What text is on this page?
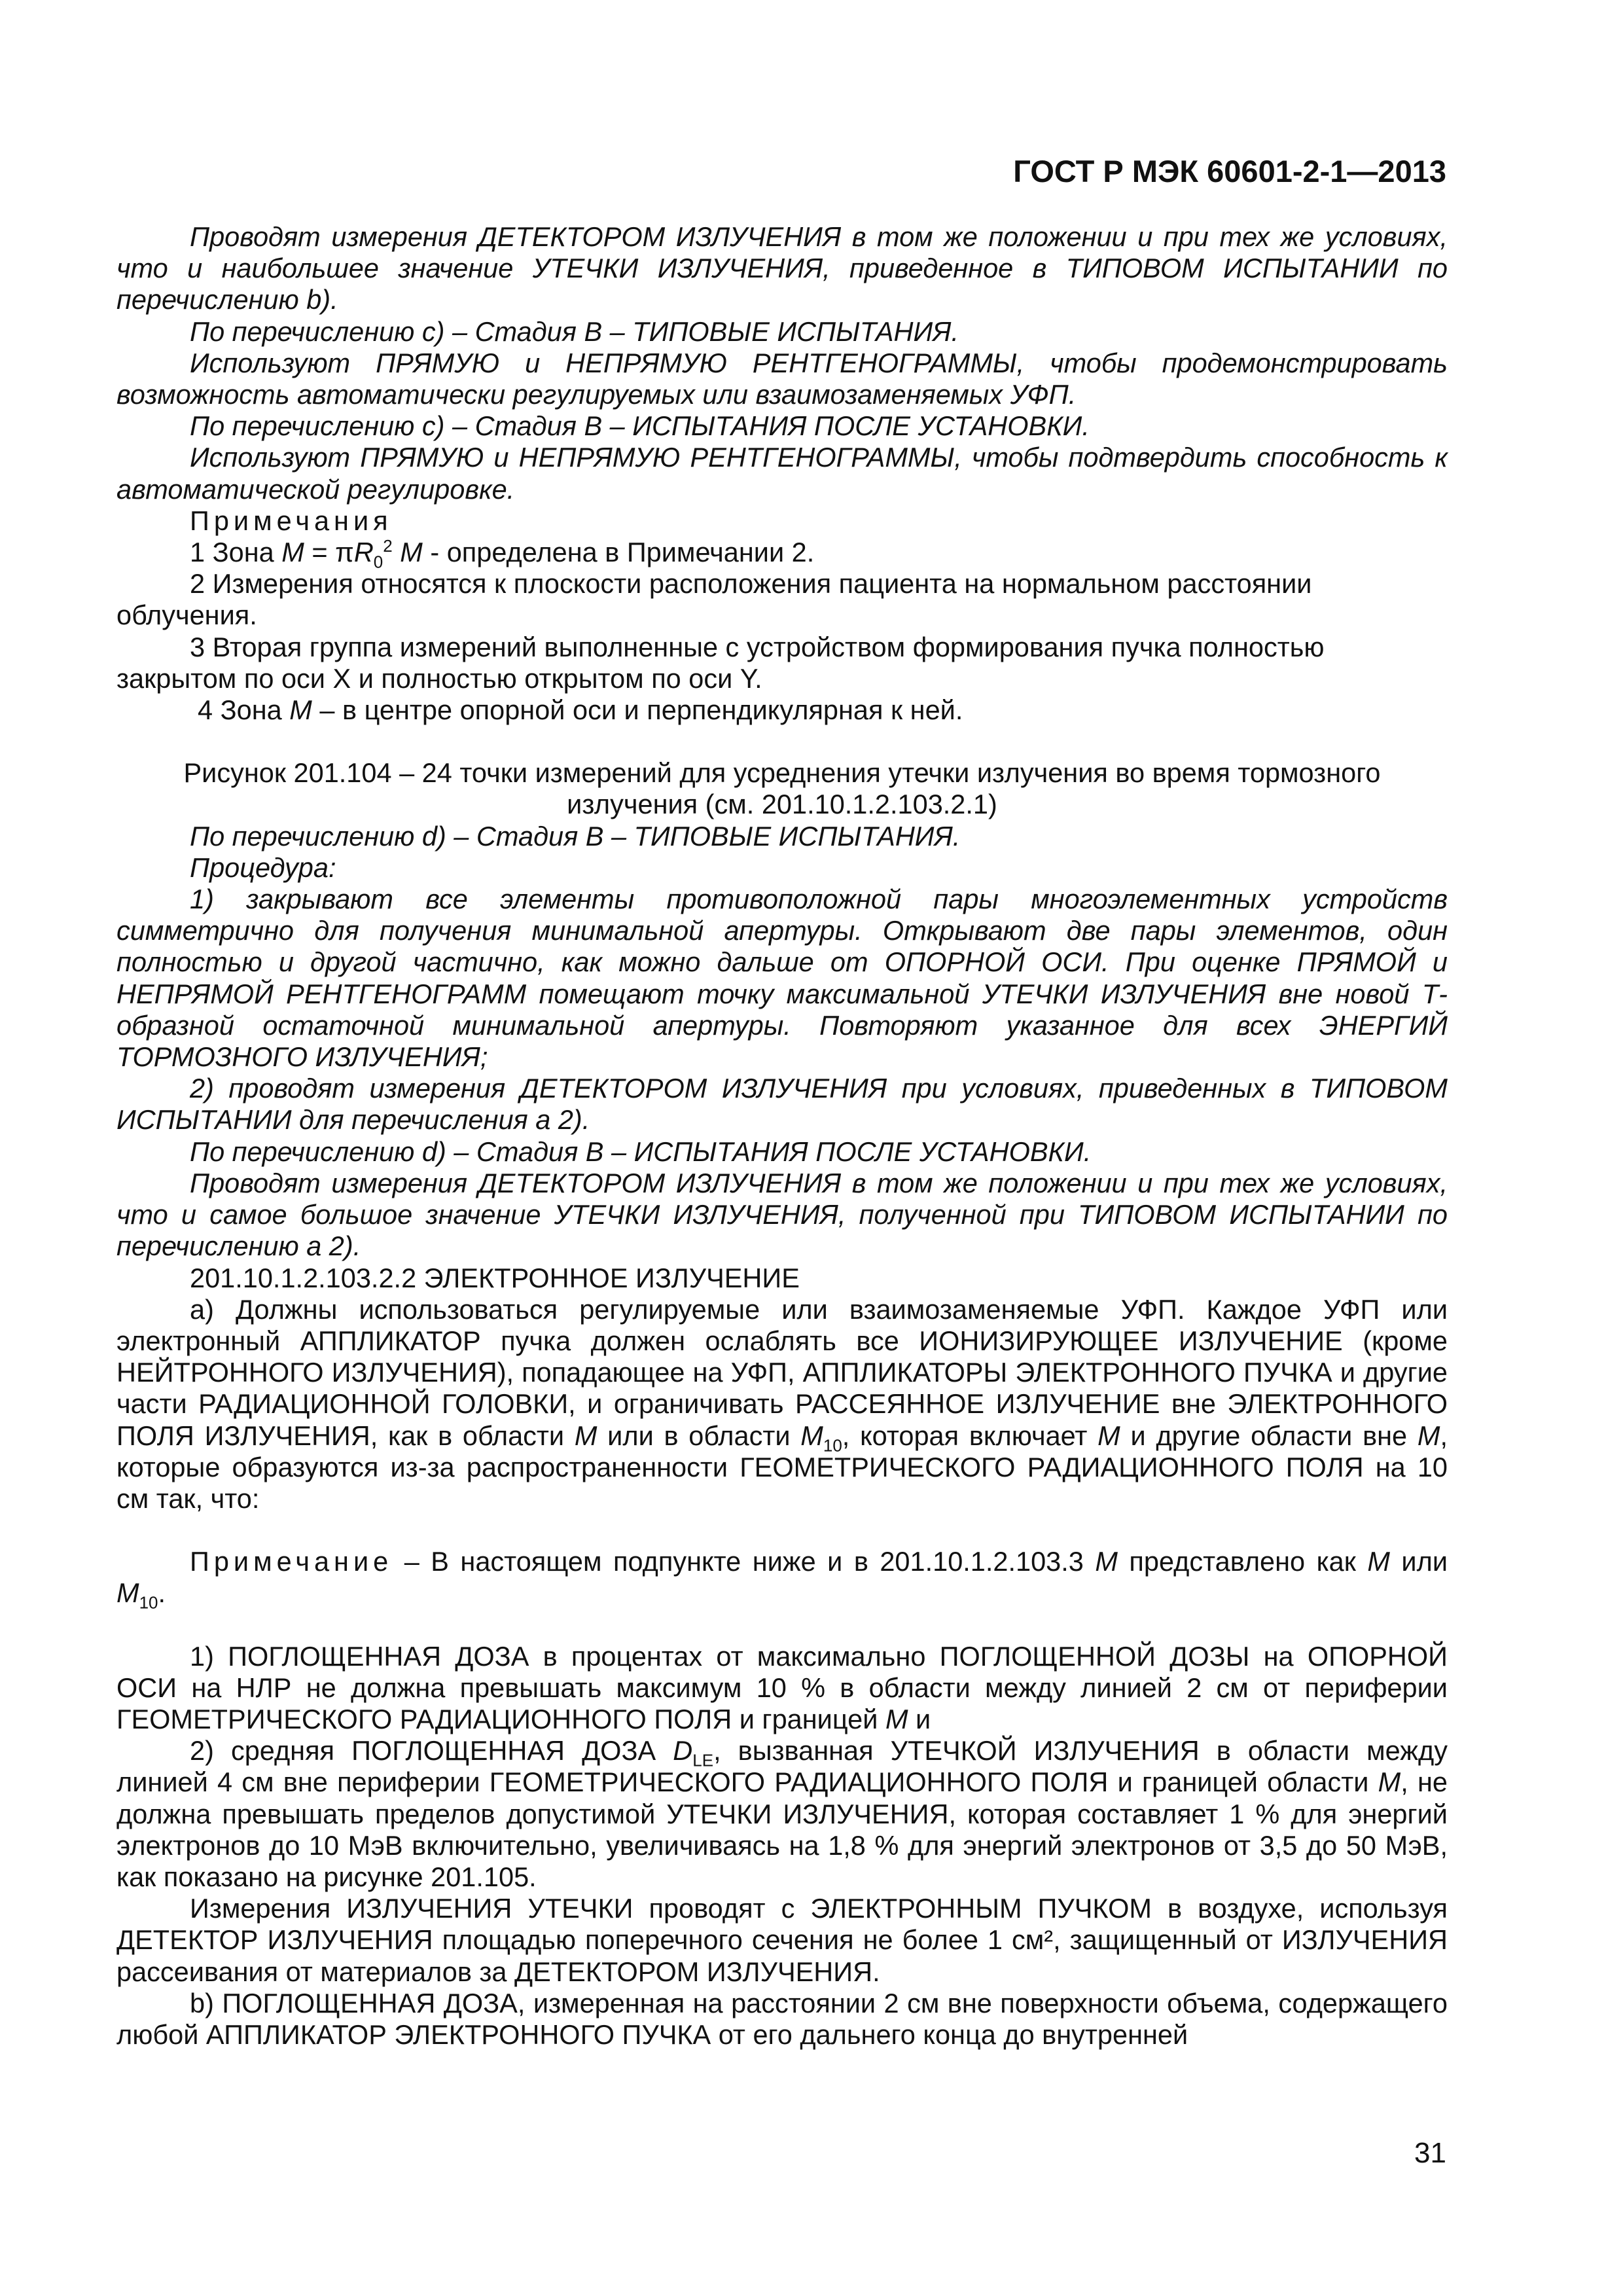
ГОСТ Р МЭК 60601-2-1—2013

Проводят измерения ДЕТЕКТОРОМ ИЗЛУЧЕНИЯ в том же положении и при тех же условиях, что и наибольшее значение УТЕЧКИ ИЗЛУЧЕНИЯ, приведенное в ТИПОВОМ ИСПЫТАНИИ по перечислению b).

По перечислению с) – Стадия В – ТИПОВЫЕ ИСПЫТАНИЯ.

Используют ПРЯМУЮ и НЕПРЯМУЮ РЕНТГЕНОГРАММЫ, чтобы продемонстрировать возможность автоматически регулируемых или взаимозаменяемых УФП.

По перечислению с) – Стадия В – ИСПЫТАНИЯ ПОСЛЕ УСТАНОВКИ.

Используют ПРЯМУЮ и НЕПРЯМУЮ РЕНТГЕНОГРАММЫ, чтобы подтвердить способность к автоматической регулировке.

Примечания

1 Зона $М = \pi R_0^2$ М - определена в Примечании 2.

2 Измерения относятся к плоскости расположения пациента на нормальном расстоянии облучения.

3 Вторая группа измерений выполненные с устройством формирования пучка полностью закрытом по оси X и полностью открытом по оси Y.

4 Зона М – в центре опорной оси и перпендикулярная к ней.

Рисунок 201.104 – 24 точки измерений для усреднения утечки излучения во время тормозного излучения (см. 201.10.1.2.103.2.1)

По перечислению d) – Стадия В – ТИПОВЫЕ ИСПЫТАНИЯ.

Процедура:

1) закрывают все элементы противоположной пары многоэлементных устройств симметрично для получения минимальной апертуры. Открывают две пары элементов, один полностью и другой частично, как можно дальше от ОПОРНОЙ ОСИ. При оценке ПРЯМОЙ и НЕПРЯМОЙ РЕНТГЕНОГРАММ помещают точку максимальной УТЕЧКИ ИЗЛУЧЕНИЯ вне новой Т-образной остаточной минимальной апертуры. Повторяют указанное для всех ЭНЕРГИЙ ТОРМОЗНОГО ИЗЛУЧЕНИЯ;

2) проводят измерения ДЕТЕКТОРОМ ИЗЛУЧЕНИЯ при условиях, приведенных в ТИПОВОМ ИСПЫТАНИИ для перечисления а 2).

По перечислению d) – Стадия В – ИСПЫТАНИЯ ПОСЛЕ УСТАНОВКИ.

Проводят измерения ДЕТЕКТОРОМ ИЗЛУЧЕНИЯ в том же положении и при тех же условиях, что и самое большое значение УТЕЧКИ ИЗЛУЧЕНИЯ, полученной при ТИПОВОМ ИСПЫТАНИИ по перечислению а 2).

201.10.1.2.103.2.2 ЭЛЕКТРОННОЕ ИЗЛУЧЕНИЕ

а) Должны использоваться регулируемые или взаимозаменяемые УФП. Каждое УФП или электронный АППЛИКАТОР пучка должен ослаблять все ИОНИЗИРУЮЩЕЕ ИЗЛУЧЕНИЕ (кроме НЕЙТРОННОГО ИЗЛУЧЕНИЯ), попадающее на УФП, АППЛИКАТОРЫ ЭЛЕКТРОННОГО ПУЧКА и другие части РАДИАЦИОННОЙ ГОЛОВКИ, и ограничивать РАССЕЯННОЕ ИЗЛУЧЕНИЕ вне ЭЛЕКТРОННОГО ПОЛЯ ИЗЛУЧЕНИЯ, как в области М или в области $М_{10}$, которая включает М и другие области вне М, которые образуются из-за распространенности ГЕОМЕТРИЧЕСКОГО РАДИАЦИОННОГО ПОЛЯ на 10 см так, что:

Примечание – В настоящем подпункте ниже и в 201.10.1.2.103.3 М представлено как М или $М_{10}$.

1) ПОГЛОЩЕННАЯ ДОЗА в процентах от максимально ПОГЛОЩЕННОЙ ДОЗЫ на ОПОРНОЙ ОСИ на НЛР не должна превышать максимум 10 % в области между линией 2 см от периферии ГЕОМЕТРИЧЕСКОГО РАДИАЦИОННОГО ПОЛЯ и границей М и

2) средняя ПОГЛОЩЕННАЯ ДОЗА $D_{LE}$, вызванная УТЕЧКОЙ ИЗЛУЧЕНИЯ в области между линией 4 см вне периферии ГЕОМЕТРИЧЕСКОГО РАДИАЦИОННОГО ПОЛЯ и границей области М, не должна превышать пределов допустимой УТЕЧКИ ИЗЛУЧЕНИЯ, которая составляет 1 % для энергий электронов до 10 МэВ включительно, увеличиваясь на 1,8 % для энергий электронов от 3,5 до 50 МэВ, как показано на рисунке 201.105.

Измерения ИЗЛУЧЕНИЯ УТЕЧКИ проводят с ЭЛЕКТРОННЫМ ПУЧКОМ в воздухе, используя ДЕТЕКТОР ИЗЛУЧЕНИЯ площадью поперечного сечения не более 1 см², защищенный от ИЗЛУЧЕНИЯ рассеивания от материалов за ДЕТЕКТОРОМ ИЗЛУЧЕНИЯ.

b) ПОГЛОЩЕННАЯ ДОЗА, измеренная на расстоянии 2 см вне поверхности объема, содержащего любой АППЛИКАТОР ЭЛЕКТРОННОГО ПУЧКА от его дальнего конца до внутренней

31
